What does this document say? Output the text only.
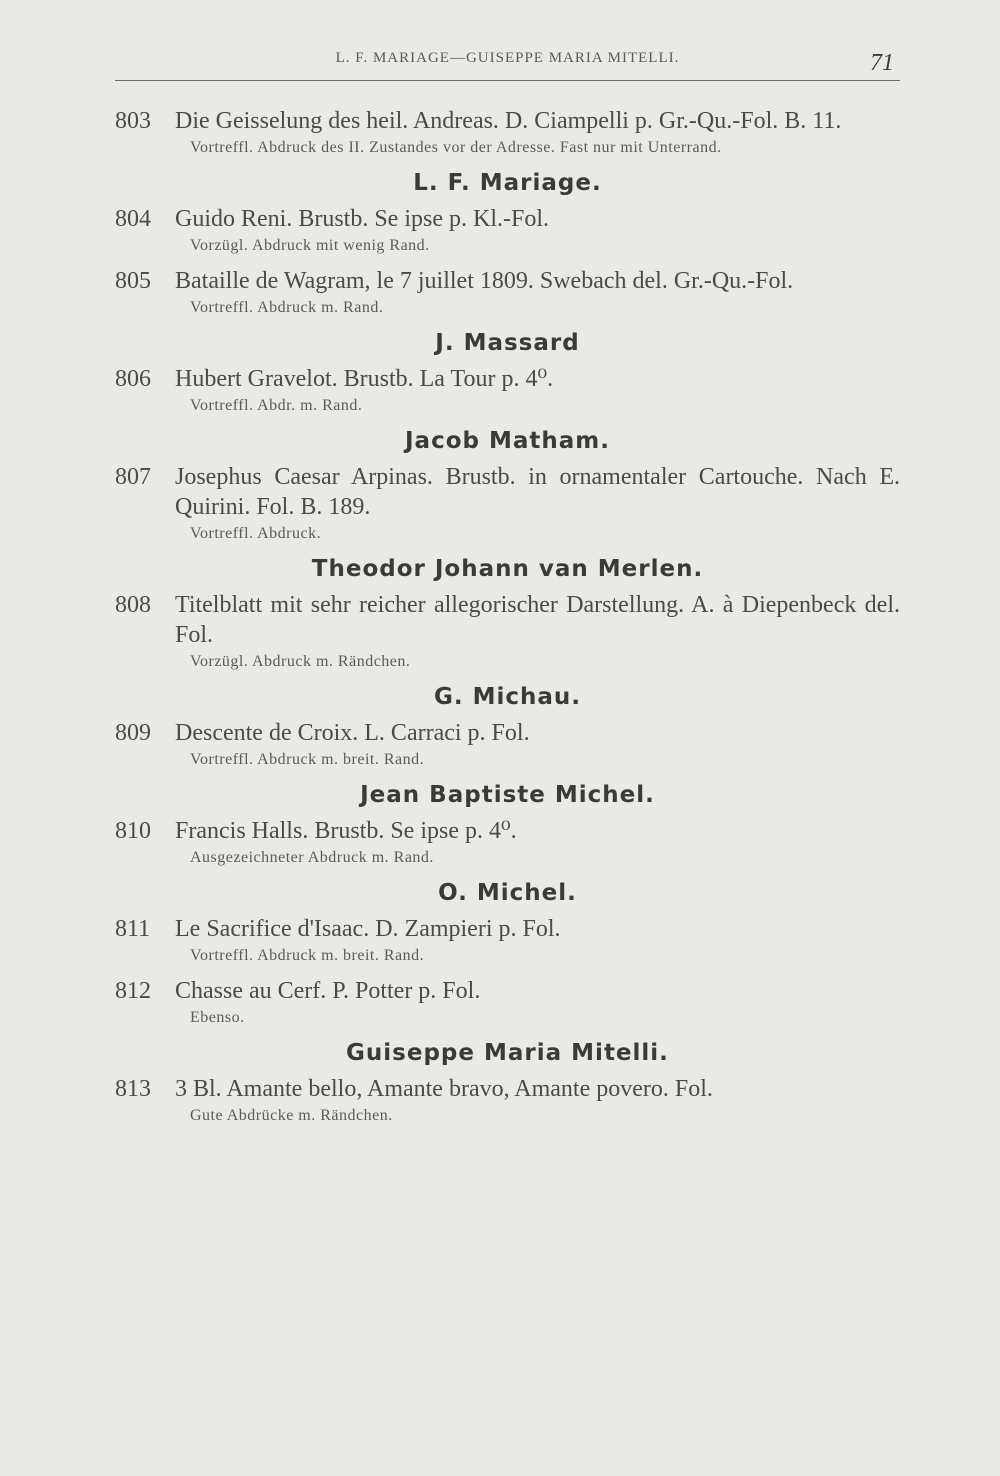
L. F. MARIAGE—GUISEPPE MARIA MITELLI.	71
803	Die Geisselung des heil. Andreas. D. Ciampelli p. Gr.-Qu.-Fol. B. 11.
Vortreffl. Abdruck des II. Zustandes vor der Adresse. Fast nur mit Unterrand.
L. F. Mariage.
804	Guido Reni. Brustb. Se ipse p. Kl.-Fol.
Vorzügl. Abdruck mit wenig Rand.
805	Bataille de Wagram, le 7 juillet 1809. Swebach del. Gr.-Qu.-Fol.
Vortreffl. Abdruck m. Rand.
J. Massard
806	Hubert Gravelot. Brustb. La Tour p. 4⁰.
Vortreffl. Abdr. m. Rand.
Jacob Matham.
807	Josephus Caesar Arpinas. Brustb. in ornamentaler Cartouche. Nach E. Quirini. Fol. B. 189.
Vortreffl. Abdruck.
Theodor Johann van Merlen.
808	Titelblatt mit sehr reicher allegorischer Darstellung. A. à Diepenbeck del. Fol.
Vorzügl. Abdruck m. Rändchen.
G. Michau.
809	Descente de Croix. L. Carraci p. Fol.
Vortreffl. Abdruck m. breit. Rand.
Jean Baptiste Michel.
810	Francis Halls. Brustb. Se ipse p. 4⁰.
Ausgezeichneter Abdruck m. Rand.
O. Michel.
811	Le Sacrifice d'Isaac. D. Zampieri p. Fol.
Vortreffl. Abdruck m. breit. Rand.
812	Chasse au Cerf. P. Potter p. Fol.
Ebenso.
Guiseppe Maria Mitelli.
813	3 Bl. Amante bello, Amante bravo, Amante povero. Fol.
Gute Abdrücke m. Rändchen.
